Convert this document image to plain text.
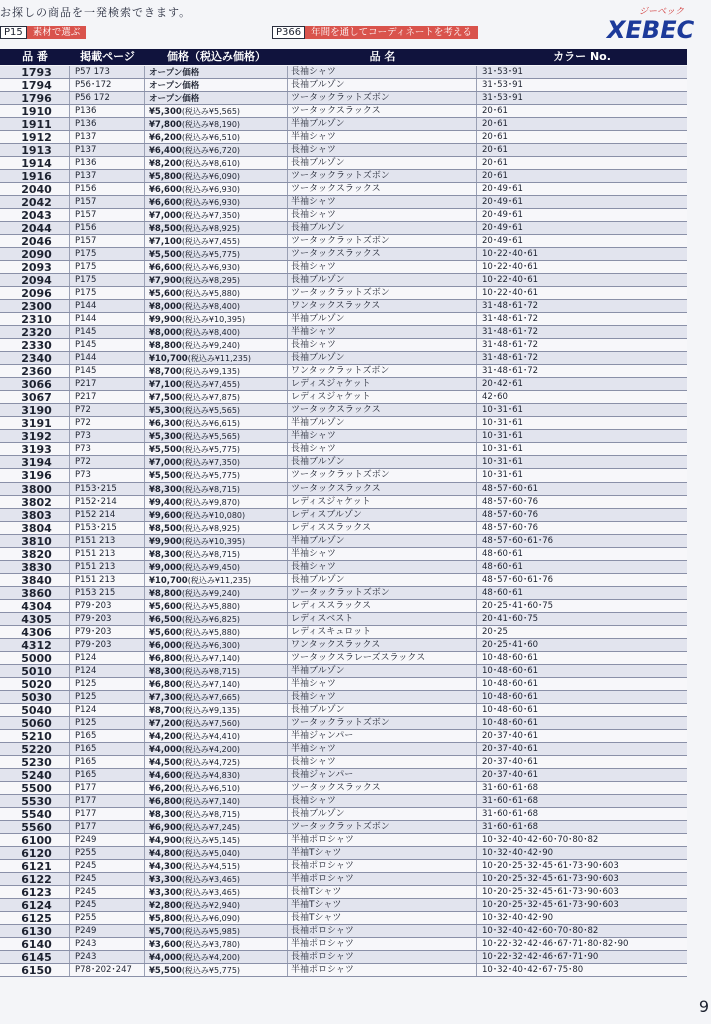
お探しの商品を一発検索できます。
P15	素材で選ぶ	P366	年間を通してコーディネートを考える
ジーベック
XEBEC
品 番	掲載ページ	価格（税込み価格）	品 名	カラー No.
1793	P57 173	オープン価格	長袖シャツ	31･53･91
1794	P56･172	オープン価格	長袖ブルゾン	31･53･91
1796	P56 172	オープン価格	ツータックラットズボン	31･53･91
1910	P136	¥5,300(税込み¥5,565)	ツータックスラックス	20･61
1911	P136	¥7,800(税込み¥8,190)	半袖ブルゾン	20･61
1912	P137	¥6,200(税込み¥6,510)	半袖シャツ	20･61
1913	P137	¥6,400(税込み¥6,720)	長袖シャツ	20･61
1914	P136	¥8,200(税込み¥8,610)	長袖ブルゾン	20･61
1916	P137	¥5,800(税込み¥6,090)	ツータックラットズボン	20･61
2040	P156	¥6,600(税込み¥6,930)	ツータックスラックス	20･49･61
2042	P157	¥6,600(税込み¥6,930)	半袖シャツ	20･49･61
2043	P157	¥7,000(税込み¥7,350)	長袖シャツ	20･49･61
2044	P156	¥8,500(税込み¥8,925)	長袖ブルゾン	20･49･61
2046	P157	¥7,100(税込み¥7,455)	ツータックラットズボン	20･49･61
2090	P175	¥5,500(税込み¥5,775)	ツータックスラックス	10･22･40･61
2093	P175	¥6,600(税込み¥6,930)	長袖シャツ	10･22･40･61
2094	P175	¥7,900(税込み¥8,295)	長袖ブルゾン	10･22･40･61
2096	P175	¥5,600(税込み¥5,880)	ツータックラットズボン	10･22･40･61
2300	P144	¥8,000(税込み¥8,400)	ワンタックスラックス	31･48･61･72
2310	P144	¥9,900(税込み¥10,395)	半袖ブルゾン	31･48･61･72
2320	P145	¥8,000(税込み¥8,400)	半袖シャツ	31･48･61･72
2330	P145	¥8,800(税込み¥9,240)	長袖シャツ	31･48･61･72
2340	P144	¥10,700(税込み¥11,235)	長袖ブルゾン	31･48･61･72
2360	P145	¥8,700(税込み¥9,135)	ワンタックラットズボン	31･48･61･72
3066	P217	¥7,100(税込み¥7,455)	レディスジャケット	20･42･61
3067	P217	¥7,500(税込み¥7,875)	レディスジャケット	42･60
3190	P72	¥5,300(税込み¥5,565)	ツータックスラックス	10･31･61
3191	P72	¥6,300(税込み¥6,615)	半袖ブルゾン	10･31･61
3192	P73	¥5,300(税込み¥5,565)	半袖シャツ	10･31･61
3193	P73	¥5,500(税込み¥5,775)	長袖シャツ	10･31･61
3194	P72	¥7,000(税込み¥7,350)	長袖ブルゾン	10･31･61
3196	P73	¥5,500(税込み¥5,775)	ツータックラットズボン	10･31･61
3800	P153･215	¥8,300(税込み¥8,715)	ツータックスラックス	48･57･60･61
3802	P152･214	¥9,400(税込み¥9,870)	レディスジャケット	48･57･60･76
3803	P152 214	¥9,600(税込み¥10,080)	レディスブルゾン	48･57･60･76
3804	P153･215	¥8,500(税込み¥8,925)	レディススラックス	48･57･60･76
3810	P151 213	¥9,900(税込み¥10,395)	半袖ブルゾン	48･57･60･61･76
3820	P151 213	¥8,300(税込み¥8,715)	半袖シャツ	48･60･61
3830	P151 213	¥9,000(税込み¥9,450)	長袖シャツ	48･60･61
3840	P151 213	¥10,700(税込み¥11,235)	長袖ブルゾン	48･57･60･61･76
3860	P153 215	¥8,800(税込み¥9,240)	ツータックラットズボン	48･60･61
4304	P79･203	¥5,600(税込み¥5,880)	レディススラックス	20･25･41･60･75
4305	P79･203	¥6,500(税込み¥6,825)	レディスベスト	20･41･60･75
4306	P79･203	¥5,600(税込み¥5,880)	レディスキュロット	20･25
4312	P79･203	¥6,000(税込み¥6,300)	ワンタックスラックス	20･25･41･60
5000	P124	¥6,800(税込み¥7,140)	ツータックスラレーズスラックス	10･48･60･61
5010	P124	¥8,300(税込み¥8,715)	半袖ブルゾン	10･48･60･61
5020	P125	¥6,800(税込み¥7,140)	半袖シャツ	10･48･60･61
5030	P125	¥7,300(税込み¥7,665)	長袖シャツ	10･48･60･61
5040	P124	¥8,700(税込み¥9,135)	長袖ブルゾン	10･48･60･61
5060	P125	¥7,200(税込み¥7,560)	ツータックラットズボン	10･48･60･61
5210	P165	¥4,200(税込み¥4,410)	半袖ジャンパー	20･37･40･61
5220	P165	¥4,000(税込み¥4,200)	半袖シャツ	20･37･40･61
5230	P165	¥4,500(税込み¥4,725)	長袖シャツ	20･37･40･61
5240	P165	¥4,600(税込み¥4,830)	長袖ジャンパー	20･37･40･61
5500	P177	¥6,200(税込み¥6,510)	ツータックスラックス	31･60･61･68
5530	P177	¥6,800(税込み¥7,140)	長袖シャツ	31･60･61･68
5540	P177	¥8,300(税込み¥8,715)	長袖ブルゾン	31･60･61･68
5560	P177	¥6,900(税込み¥7,245)	ツータックラットズボン	31･60･61･68
6100	P249	¥4,900(税込み¥5,145)	半袖ポロシャツ	10･32･40･42･60･70･80･82
6120	P255	¥4,800(税込み¥5,040)	半袖Tシャツ	10･32･40･42･90
6121	P245	¥4,300(税込み¥4,515)	長袖ポロシャツ	10･20･25･32･45･61･73･90･603
6122	P245	¥3,300(税込み¥3,465)	半袖ポロシャツ	10･20･25･32･45･61･73･90･603
6123	P245	¥3,300(税込み¥3,465)	長袖Tシャツ	10･20･25･32･45･61･73･90･603
6124	P245	¥2,800(税込み¥2,940)	半袖Tシャツ	10･20･25･32･45･61･73･90･603
6125	P255	¥5,800(税込み¥6,090)	長袖Tシャツ	10･32･40･42･90
6130	P249	¥5,700(税込み¥5,985)	長袖ポロシャツ	10･32･40･42･60･70･80･82
6140	P243	¥3,600(税込み¥3,780)	半袖ポロシャツ	10･22･32･42･46･67･71･80･82･90
6145	P243	¥4,000(税込み¥4,200)	長袖ポロシャツ	10･22･32･42･46･67･71･90
6150	P78･202･247	¥5,500(税込み¥5,775)	半袖ポロシャツ	10･32･40･42･67･75･80
9
